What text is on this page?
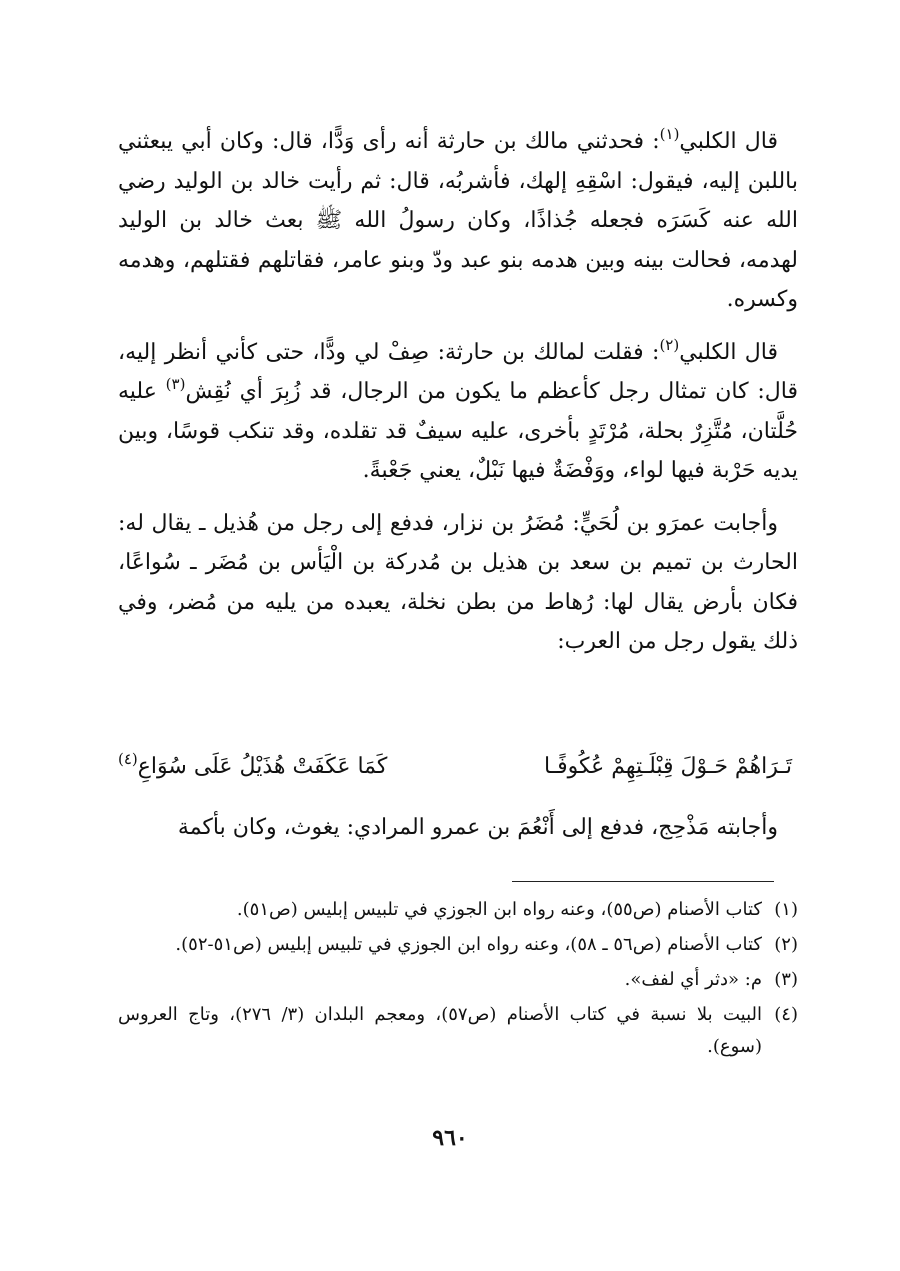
قال الكلبي$^{(١)}$: فحدثني مالك بن حارثة أنه رأى وَدًّا، قال: وكان أبي يبعثني باللبن إليه، فيقول: اسْقِهِ إلهك، فأشربُه، قال: ثم رأيت خالد بن الوليد رضي الله عنه كَسَرَه فجعله جُذاذًا، وكان رسولُ الله ﷺ بعث خالد بن الوليد لهدمه، فحالت بينه وبين هدمه بنو عبد ودّ وبنو عامر، فقاتلهم فقتلهم، وهدمه وكسره.

قال الكلبي$^{(٢)}$: فقلت لمالك بن حارثة: صِفْ لي ودًّا، حتى كأني أنظر إليه، قال: كان تمثال رجل كأعظم ما يكون من الرجال، قد زُبِرَ أي نُقِش$^{(٣)}$ عليه حُلَّتان، مُتَّزِرٌ بحلة، مُرْتَدٍ بأخرى، عليه سيفٌ قد تقلده، وقد تنكب قوسًا، وبين يديه حَرْبة فيها لواء، ووَفْضَةٌ فيها نَبْلٌ، يعني جَعْبةً.

وأجابت عمرَو بن لُحَيٍّ: مُضَرُ بن نزار، فدفع إلى رجل من هُذيل ـ يقال له: الحارث بن تميم بن سعد بن هذيل بن مُدركة بن الْيَأس بن مُضَر ـ سُواعًا، فكان بأرض يقال لها: رُهاط من بطن نخلة، يعبده من يليه من مُضر، وفي ذلك يقول رجل من العرب:

تَـرَاهُمْ حَـوْلَ قِبْلَـتِهِمْ عُكُوفًـا
كَمَا عَكَفَتْ هُذَيْلُ عَلَى سُوَاعِ$^{(٤)}$
وأجابته مَذْحِج، فدفع إلى أَنْعُمَ بن عمرو المرادي: يغوث، وكان بأكمة
(١)
كتاب الأصنام (ص٥٥)، وعنه رواه ابن الجوزي في تلبيس إبليس (ص٥١).
(٢)
كتاب الأصنام (ص٥٦ ـ ٥٨)، وعنه رواه ابن الجوزي في تلبيس إبليس (ص٥١-٥٢).
(٣)
م: «دثر أي لفف».
(٤)
البيت بلا نسبة في كتاب الأصنام (ص٥٧)، ومعجم البلدان (٣/ ٢٧٦)، وتاج العروس (سوع).
٩٦٠
